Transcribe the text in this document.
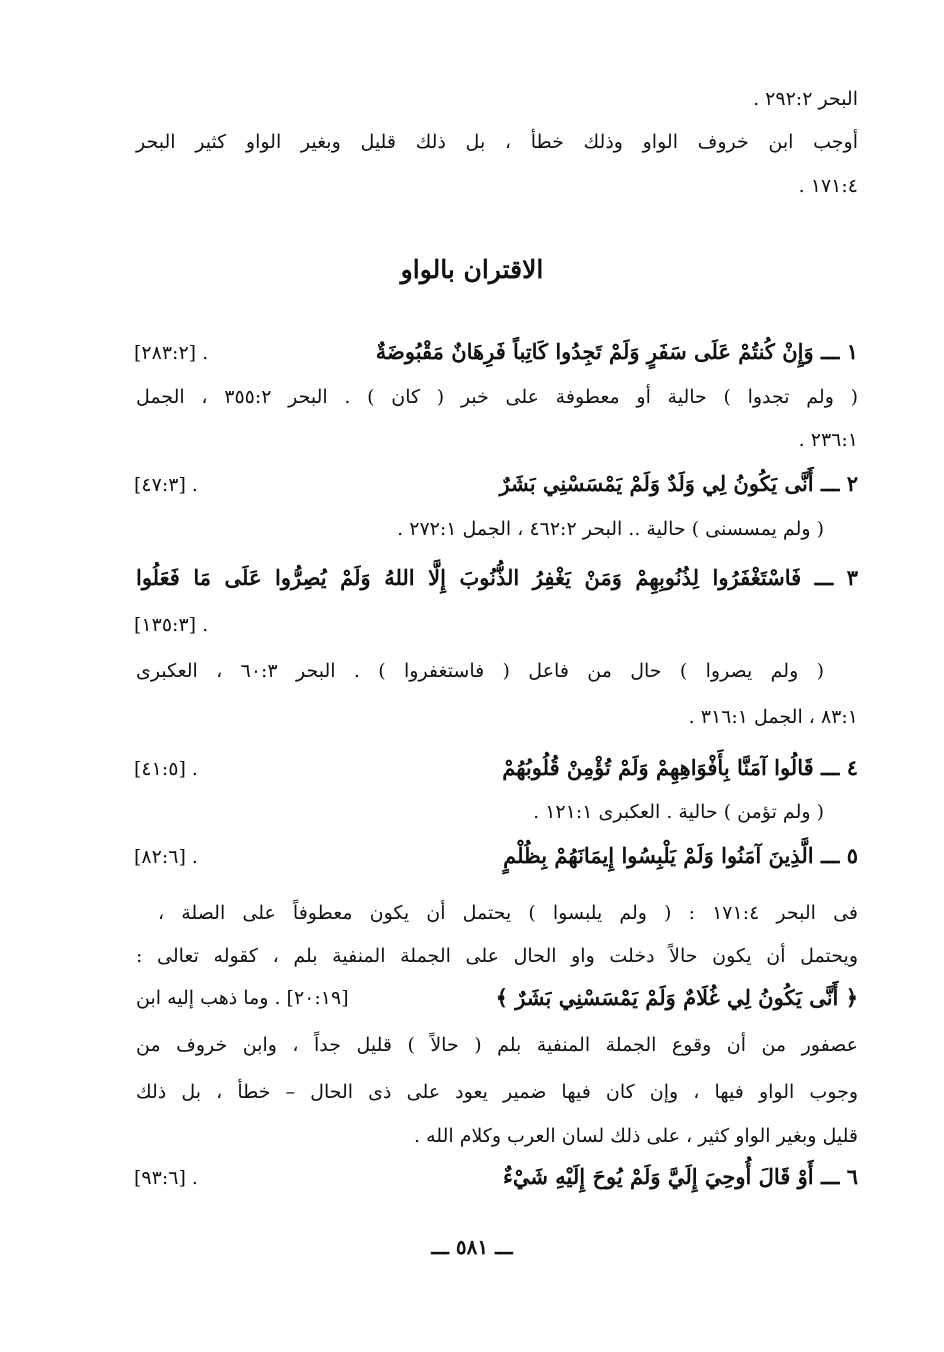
البحر ٢٩٢:٢ .
أوجب ابن خروف الواو وذلك خطأ ، بل ذلك قليل وبغير الواو كثير البحر
١٧١:٤ .
الاقتران بالواو
١ ـــ وَإِنْ كُنتُمْ عَلَى سَفَرٍ وَلَمْ تَجِدُوا كَاتِباً فَرِهَانٌ مَقْبُوضَةٌ
[٢٨٣:٢] .
( ولم تجدوا ) حالية أو معطوفة على خبر ( كان ) . البحر ٣٥٥:٢ ، الجمل
٢٣٦:١ .
٢ ـــ أَنَّى يَكُونُ لِي وَلَدٌ وَلَمْ يَمْسَسْنِي بَشَرٌ
[٤٧:٣] .
( ولم يمسسنى ) حالية .. البحر ٤٦٢:٢ ، الجمل ٢٧٢:١ .
٣ ـــ فَاسْتَغْفَرُوا لِذُنُوبِهِمْ وَمَنْ يَغْفِرُ الذُّنُوبَ إِلَّا اللهُ وَلَمْ يُصِرُّوا عَلَى مَا فَعَلُوا
[١٣٥:٣] .
( ولم يصروا ) حال من فاعل ( فاستغفروا ) . البحر ٦٠:٣ ، العكبرى
٨٣:١ ، الجمل ٣١٦:١ .
٤ ـــ قَالُوا آمَنَّا بِأَفْوَاهِهِمْ وَلَمْ تُؤْمِنْ قُلُوبُهُمْ
[٤١:٥] .
( ولم تؤمن ) حالية . العكبرى ١٢١:١ .
٥ ـــ الَّذِينَ آمَنُوا وَلَمْ يَلْبِسُوا إِيمَانَهُمْ بِظُلْمٍ
[٨٢:٦] .
فى البحر ١٧١:٤ : ( ولم يلبسوا ) يحتمل أن يكون معطوفاً على الصلة ،
ويحتمل أن يكون حالاً دخلت واو الحال على الجملة المنفية بلم ، كقوله تعالى :
﴿ أَنَّى يَكُونُ لِي غُلَامٌ وَلَمْ يَمْسَسْنِي بَشَرٌ ﴾
[٢٠:١٩] . وما ذهب إليه ابن
عصفور من أن وقوع الجملة المنفية بلم ( حالاً ) قليل جداً ، وابن خروف من
وجوب الواو فيها ، وإن كان فيها ضمير يعود على ذى الحال – خطأ ، بل ذلك
قليل وبغير الواو كثير ، على ذلك لسان العرب وكلام الله .
٦ ـــ أَوْ قَالَ أُوحِيَ إِلَيَّ وَلَمْ يُوحَ إِلَيْهِ شَيْءٌ
[٩٣:٦] .
ـــ ٥٨١ ـــ
